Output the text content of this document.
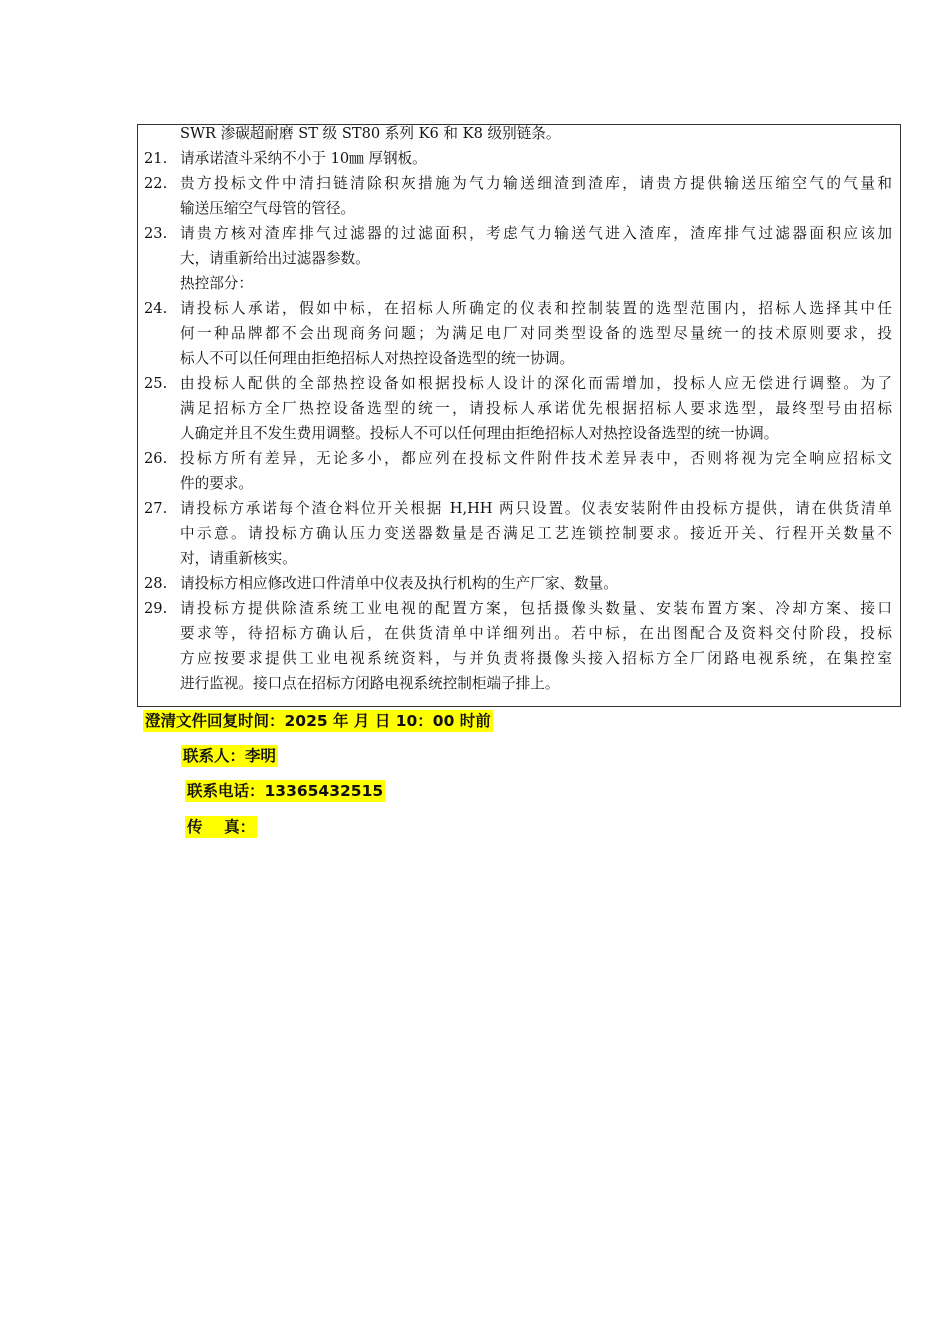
SWR 渗碳超耐磨 ST 级 ST80 系列 K6 和 K8 级别链条。
21. 请承诺渣斗采纳不小于 10㎜ 厚钢板。
22. 贵方投标文件中清扫链清除积灰措施为气力输送细渣到渣库，请贵方提供输送压缩空气的气量和
输送压缩空气母管的管径。
23. 请贵方核对渣库排气过滤器的过滤面积，考虑气力输送气进入渣库，渣库排气过滤器面积应该加
大，请重新给出过滤器参数。
热控部分：
24. 请投标人承诺，假如中标，在招标人所确定的仪表和控制装置的选型范围内，招标人选择其中任
何一种品牌都不会出现商务问题；为满足电厂对同类型设备的选型尽量统一的技术原则要求，投
标人不可以任何理由拒绝招标人对热控设备选型的统一协调。
25. 由投标人配供的全部热控设备如根据投标人设计的深化而需增加，投标人应无偿进行调整。为了
满足招标方全厂热控设备选型的统一，请投标人承诺优先根据招标人要求选型，最终型号由招标
人确定并且不发生费用调整。投标人不可以任何理由拒绝招标人对热控设备选型的统一协调。
26. 投标方所有差异，无论多小，都应列在投标文件附件技术差异表中，否则将视为完全响应招标文
件的要求。
27. 请投标方承诺每个渣仓料位开关根据 H,HH 两只设置。仪表安装附件由投标方提供，请在供货清单
中示意。请投标方确认压力变送器数量是否满足工艺连锁控制要求。接近开关、行程开关数量不
对，请重新核实。
28. 请投标方相应修改进口件清单中仪表及执行机构的生产厂家、数量。
29. 请投标方提供除渣系统工业电视的配置方案，包括摄像头数量、安装布置方案、冷却方案、接口
要求等，待招标方确认后，在供货清单中详细列出。若中标，在出图配合及资料交付阶段，投标
方应按要求提供工业电视系统资料，与并负责将摄像头接入招标方全厂闭路电视系统，在集控室
进行监视。接口点在招标方闭路电视系统控制柜端子排上。
澄清文件回复时间：2025 年 月 日 10：00 时前
联系人：李明
联系电话：13365432515
传    真：
